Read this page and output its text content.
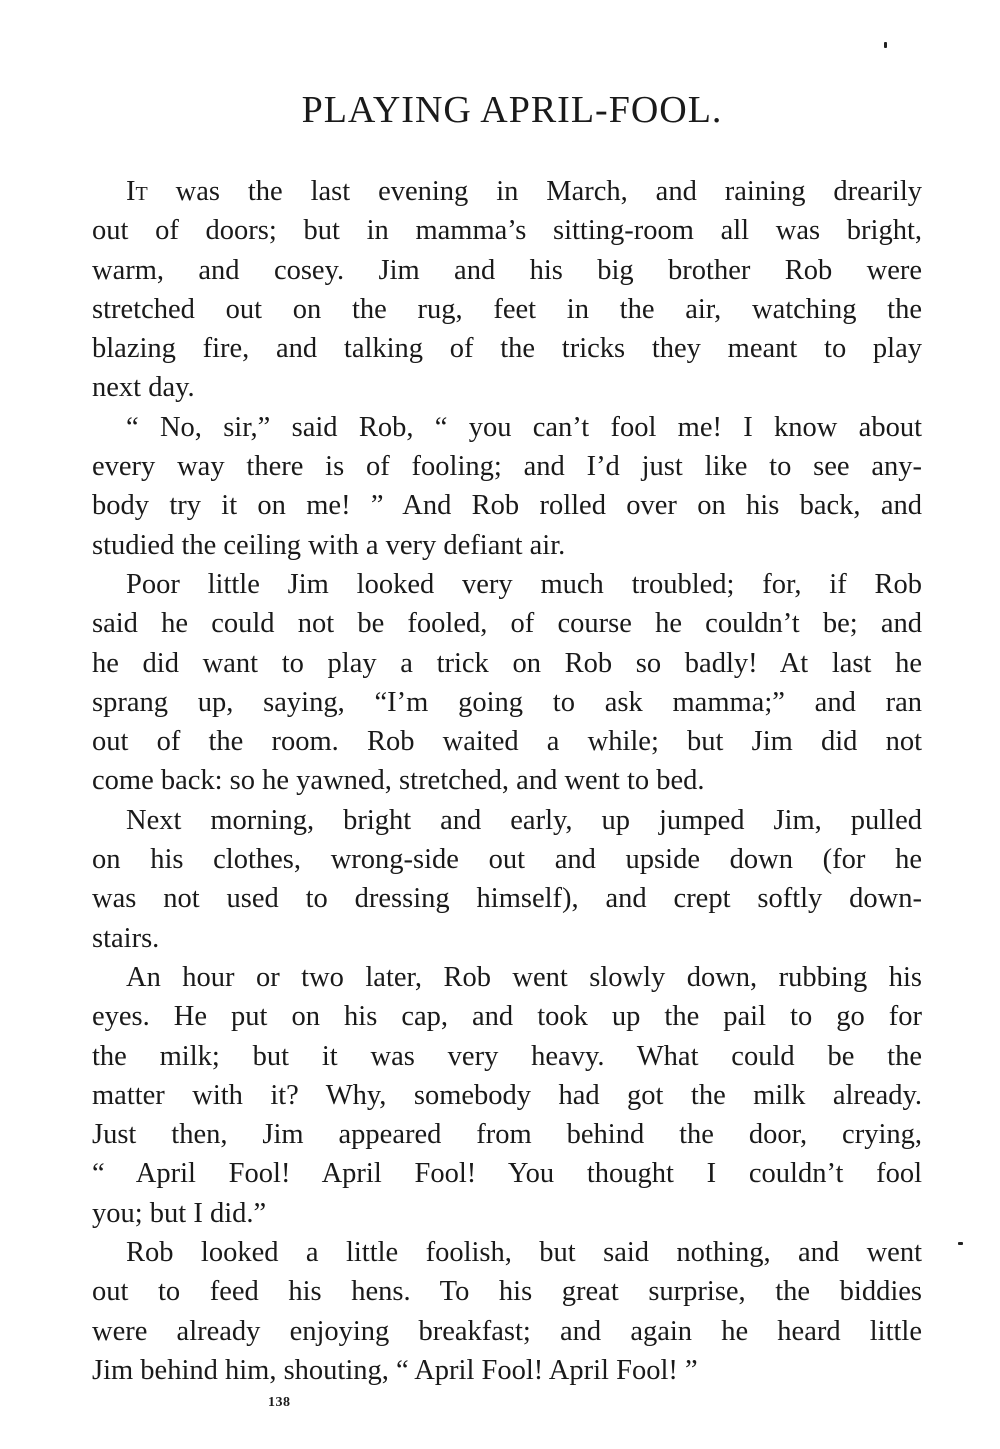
PLAYING APRIL-FOOL.
It was the last evening in March, and raining drearily
out of doors; but in mamma’s sitting-room all was bright,
warm, and cosey. Jim and his big brother Rob were
stretched out on the rug, feet in the air, watching the
blazing fire, and talking of the tricks they meant to play
next day.
“ No, sir,” said Rob, “ you can’t fool me! I know about
every way there is of fooling; and I’d just like to see any-
body try it on me! ” And Rob rolled over on his back, and
studied the ceiling with a very defiant air.
Poor little Jim looked very much troubled; for, if Rob
said he could not be fooled, of course he couldn’t be; and
he did want to play a trick on Rob so badly! At last he
sprang up, saying, “I’m going to ask mamma;” and ran
out of the room. Rob waited a while; but Jim did not
come back: so he yawned, stretched, and went to bed.
Next morning, bright and early, up jumped Jim, pulled
on his clothes, wrong-side out and upside down (for he
was not used to dressing himself), and crept softly down-
stairs.
An hour or two later, Rob went slowly down, rubbing his
eyes. He put on his cap, and took up the pail to go for
the milk; but it was very heavy. What could be the
matter with it? Why, somebody had got the milk already.
Just then, Jim appeared from behind the door, crying,
“ April Fool! April Fool! You thought I couldn’t fool
you; but I did.”
Rob looked a little foolish, but said nothing, and went
out to feed his hens. To his great surprise, the biddies
were already enjoying breakfast; and again he heard little
Jim behind him, shouting, “ April Fool! April Fool! ”
138
